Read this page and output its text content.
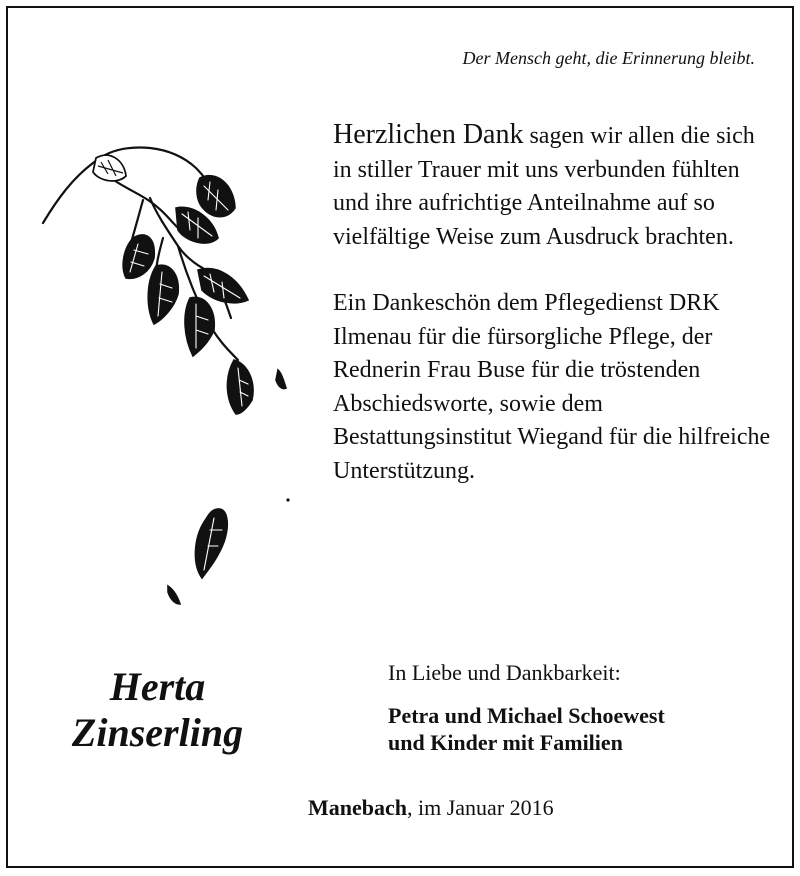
Der Mensch geht, die Erinnerung bleibt.

Herzlichen Dank sagen wir allen die sich in stiller Trauer mit uns verbunden fühlten und ihre aufrichtige Anteilnahme auf so vielfältige Weise zum Ausdruck brachten.

Ein Dankeschön dem Pflegedienst DRK Ilmenau für die fürsorgliche Pflege, der Rednerin Frau Buse für die tröstenden Abschiedsworte, sowie dem Bestattungsinstitut Wiegand für die hilfreiche Unterstützung.

Herta
Zinserling
In Liebe und Dankbarkeit:
Petra und Michael Schoewest
und Kinder mit Familien
Manebach, im Januar 2016
